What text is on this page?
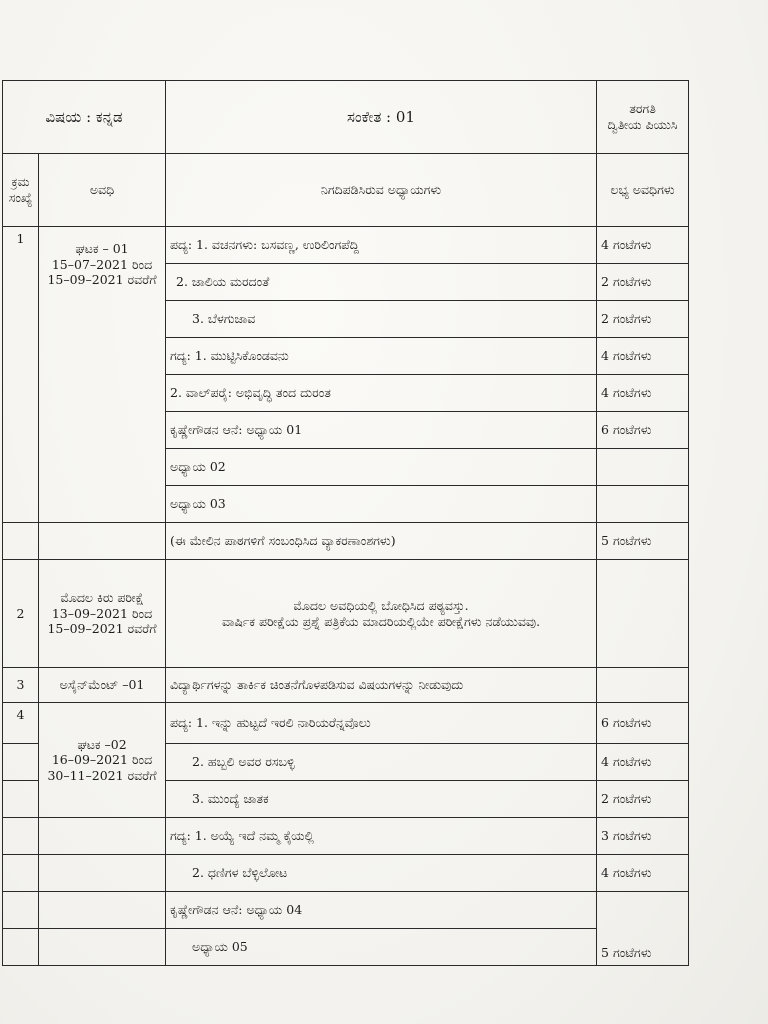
ವಿಷಯ : ಕನ್ನಡ		ಸಂಕೇತ : 01	ತರಗತಿ
ದ್ವಿತೀಯ ಪಿಯುಸಿ

ಕ್ರಮ ಸಂಖ್ಯೆ	ಅವಧಿ	ನಿಗದಿಪಡಿಸಿರುವ ಅಧ್ಯಾಯಗಳು	ಲಭ್ಯ ಅವಧಿಗಳು
1	ಘಟಕ – 01
15–07–2021 ರಿಂದ
15–09–2021 ರವರೆಗೆ	ಪದ್ಯ: 1. ವಚನಗಳು: ಬಸವಣ್ಣ, ಉರಿಲಿಂಗಪೆದ್ದಿ	4 ಗಂಟೆಗಳು
		2. ಜಾಲಿಯ ಮರದಂತೆ	2 ಗಂಟೆಗಳು
		3. ಬೆಳಗುಜಾವ	2 ಗಂಟೆಗಳು
		ಗದ್ಯ: 1. ಮುಟ್ಟಿಸಿಕೊಂಡವನು	4 ಗಂಟೆಗಳು
		2. ವಾಲ್‌ಪರೈ: ಅಭಿವೃದ್ಧಿ ತಂದ ದುರಂತ	4 ಗಂಟೆಗಳು
		ಕೃಷ್ಣೇಗೌಡನ ಆನೆ: ಅಧ್ಯಾಯ 01	6 ಗಂಟೆಗಳು
		ಅಧ್ಯಾಯ 02	
		ಅಧ್ಯಾಯ 03	
		(ಈ ಮೇಲಿನ ಪಾಠಗಳಿಗೆ ಸಂಬಂಧಿಸಿದ ವ್ಯಾಕರಣಾಂಶಗಳು)	5 ಗಂಟೆಗಳು
2	ಮೊದಲ ಕಿರು ಪರೀಕ್ಷೆ
13–09–2021 ರಿಂದ
15–09–2021 ರವರೆಗೆ	ಮೊದಲ ಅವಧಿಯಲ್ಲಿ ಬೋಧಿಸಿದ ಪಠ್ಯವಸ್ತು.
ವಾರ್ಷಿಕ ಪರೀಕ್ಷೆಯ ಪ್ರಶ್ನೆ ಪತ್ರಿಕೆಯ ಮಾದರಿಯಲ್ಲಿಯೇ ಪರೀಕ್ಷೆಗಳು ನಡೆಯುವವು.	

3	ಅಸೈನ್‌ಮೆಂಟ್ –01	ವಿದ್ಯಾರ್ಥಿಗಳನ್ನು ತಾರ್ಕಿಕ ಚಿಂತನೆಗೊಳಪಡಿಸುವ ವಿಷಯಗಳನ್ನು ನೀಡುವುದು	
4	ಘಟಕ –02
16–09–2021 ರಿಂದ
30–11–2021 ರವರೆಗೆ	ಪದ್ಯ: 1. ಇನ್ನು ಹುಟ್ಟದೆ ಇರಲಿ ನಾರಿಯರೆನ್ನವೊಲು	6 ಗಂಟೆಗಳು
		2. ಹಬ್ಬಲಿ ಅವರ ರಸಬಳ್ಳಿ	4 ಗಂಟೆಗಳು
		3. ಮುಂದ್ಯೆ ಜಾತಕ	2 ಗಂಟೆಗಳು
		ಗದ್ಯ: 1. ಅಯ್ಯೆ ಇದೆ ನಮ್ಮ ಕೈಯಲ್ಲಿ	3 ಗಂಟೆಗಳು
		2. ಧಣಿಗಳ ಬೆಳ್ಳಿಲೋಟ	4 ಗಂಟೆಗಳು
		ಕೃಷ್ಣೇಗೌಡನ ಆನೆ: ಅಧ್ಯಾಯ 04	5 ಗಂಟೆಗಳು
		ಅಧ್ಯಾಯ 05	
